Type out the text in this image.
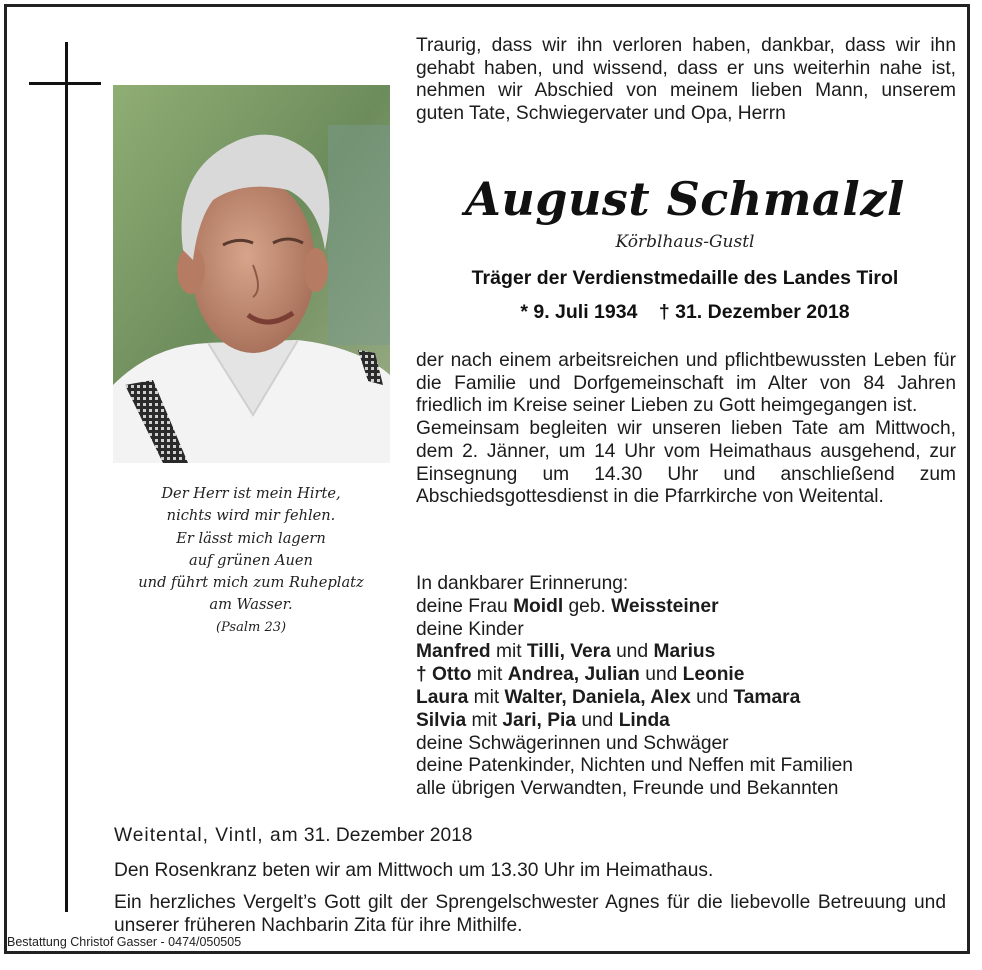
Der Herr ist mein Hirte,
nichts wird mir fehlen.
Er lässt mich lagern
auf grünen Auen
und führt mich zum Ruheplatz
am Wasser.
(Psalm 23)
Traurig, dass wir ihn verloren haben, dankbar, dass wir ihn gehabt haben, und wissend, dass er uns weiterhin nahe ist, nehmen wir Abschied von meinem lieben Mann, unserem guten Tate, Schwiegervater und Opa, Herrn
August Schmalzl
Körblhaus-Gustl
Träger der Verdienstmedaille des Landes Tirol
* 9. Juli 1934 † 31. Dezember 2018
der nach einem arbeitsreichen und pflichtbewussten Leben für die Familie und Dorfgemeinschaft im Alter von 84 Jahren friedlich im Kreise seiner Lieben zu Gott heimgegangen ist.
Gemeinsam begleiten wir unseren lieben Tate am Mittwoch, dem 2. Jänner, um 14 Uhr vom Heimathaus ausgehend, zur Einsegnung um 14.30 Uhr und anschließend zum Abschiedsgottesdienst in die Pfarrkirche von Weitental.
In dankbarer Erinnerung:
deine Frau Moidl geb. Weissteiner
deine Kinder
Manfred mit Tilli, Vera und Marius
† Otto mit Andrea, Julian und Leonie
Laura mit Walter, Daniela, Alex und Tamara
Silvia mit Jari, Pia und Linda
deine Schwägerinnen und Schwäger
deine Patenkinder, Nichten und Neffen mit Familien
alle übrigen Verwandten, Freunde und Bekannten
Weitental, Vintl, am 31. Dezember 2018
Den Rosenkranz beten wir am Mittwoch um 13.30 Uhr im Heimathaus.
Ein herzliches Vergelt’s Gott gilt der Sprengelschwester Agnes für die liebevolle Betreuung und unserer früheren Nachbarin Zita für ihre Mithilfe.
Bestattung Christof Gasser - 0474/050505
